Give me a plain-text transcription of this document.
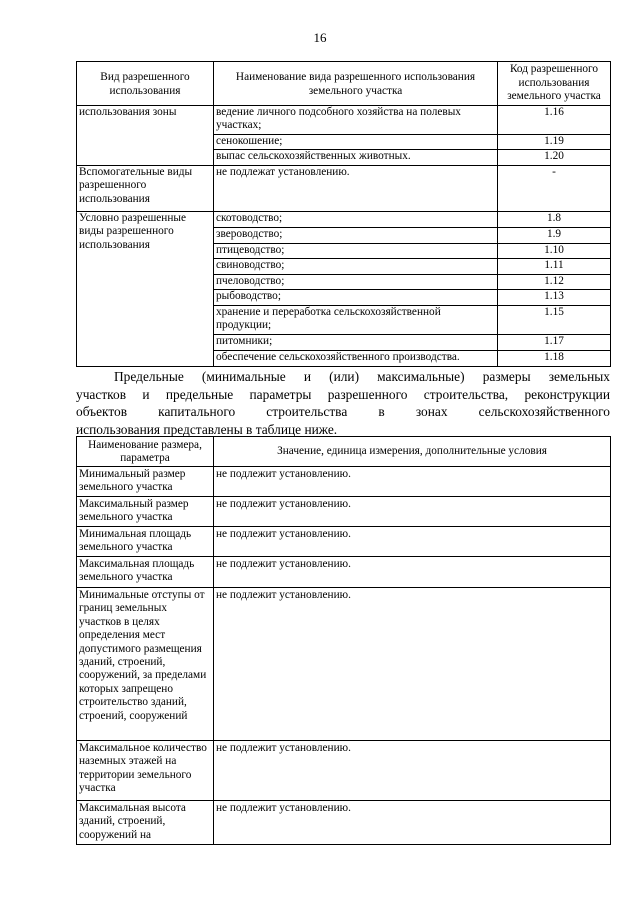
16
Вид разрешенного использования	Наименование вида разрешенного использования земельного участка	Код разрешенного использования земельного участка
использования зоны	ведение личного подсобного хозяйства на полевых участках;	1.16
	сенокошение;	1.19
	выпас сельскохозяйственных животных.	1.20
Вспомогательные виды разрешенного использования	не подлежат установлению.	-
Условно разрешенные виды разрешенного использования	скотоводство;	1.8
	звероводство;	1.9
	птицеводство;	1.10
	свиноводство;	1.11
	пчеловодство;	1.12
	рыбоводство;	1.13
	хранение и переработка сельскохозяйственной продукции;	1.15
	питомники;	1.17
	обеспечение сельскохозяйственного производства.	1.18
Предельные (минимальные и (или) максимальные) размеры земельных
участков и предельные параметры разрешенного строительства, реконструкции
объектов капитального строительства в зонах сельскохозяйственного
использования представлены в таблице ниже.
Наименование размера, параметра	Значение, единица измерения, дополнительные условия
Минимальный размер земельного участка	не подлежит установлению.
Максимальный размер земельного участка	не подлежит установлению.
Минимальная площадь земельного участка	не подлежит установлению.
Максимальная площадь земельного участка	не подлежит установлению.
Минимальные отступы от границ земельных участков в целях определения мест допустимого размещения зданий, строений, сооружений, за пределами которых запрещено строительство зданий, строений, сооружений	не подлежит установлению.
Максимальное количество наземных этажей на территории земельного участка	не подлежит установлению.
Максимальная высота зданий, строений, сооружений на	не подлежит установлению.
